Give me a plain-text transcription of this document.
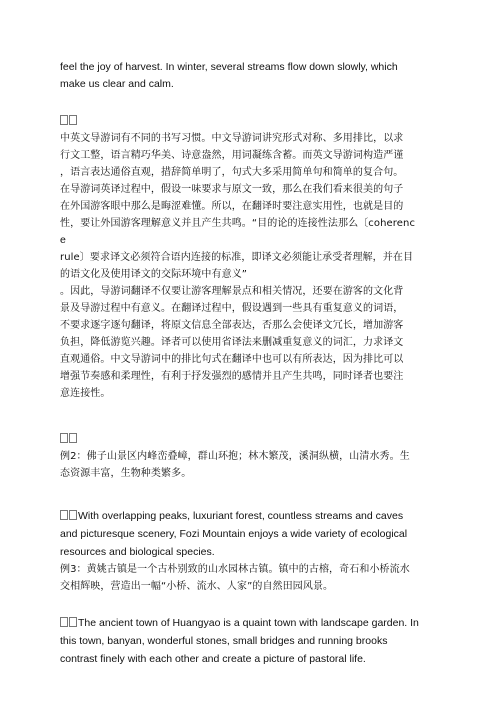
feel the joy of harvest. In winter, several streams flow down slowly, which
make us clear and calm.
中英文导游词有不同的书写习惯。中文导游词讲究形式对称、多用排比，以求
行文工整，语言精巧华美、诗意盎然，用词凝练含蓄。而英文导游词构造严谨
，语言表达通俗直观，措辞简单明了，句式大多采用简单句和简单的复合句。
在导游词英译过程中，假设一味要求与原文一致，那么在我们看来很美的句子
在外国游客眼中那么是晦涩难懂。所以，在翻译时要注意实用性，也就是目的
性，要让外国游客理解意义并且产生共鸣。“目的论的连接性法那么〔coherenc
e
rule〕要求译文必须符合语内连接的标准，即译文必须能让承受者理解，并在目
的语文化及使用译文的交际环境中有意义”
。因此，导游词翻译不仅要让游客理解景点和相关情况，还要在游客的文化背
景及导游过程中有意义。在翻译过程中，假设遇到一些具有重复意义的词语，
不要求逐字逐句翻译，将原文信息全部表达，否那么会使译文冗长，增加游客
负担，降低游览兴趣。译者可以使用省译法来删减重复意义的词汇，力求译文
直观通俗。中文导游词中的排比句式在翻译中也可以有所表达，因为排比可以
增强节奏感和柔理性，有利于抒发强烈的感情并且产生共鸣，同时译者也要注
意连接性。
例2：佛子山景区内峰峦叠嶂，群山环抱；林木繁茂，溪洞纵横，山清水秀。生
态资源丰富，生物种类繁多。
With overlapping peaks, luxuriant forest, countless streams and caves
and picturesque scenery, Fozi Mountain enjoys a wide variety of ecological
resources and biological species.
例3：黄姚古镇是一个古朴别致的山水园林古镇。镇中的古榕，奇石和小桥流水
交相辉映，营造出一幅“小桥、流水、人家”的自然田园风景。
The ancient town of Huangyao is a quaint town with landscape garden. In
this town, banyan, wonderful stones, small bridges and running brooks
contrast finely with each other and create a picture of pastoral life.
